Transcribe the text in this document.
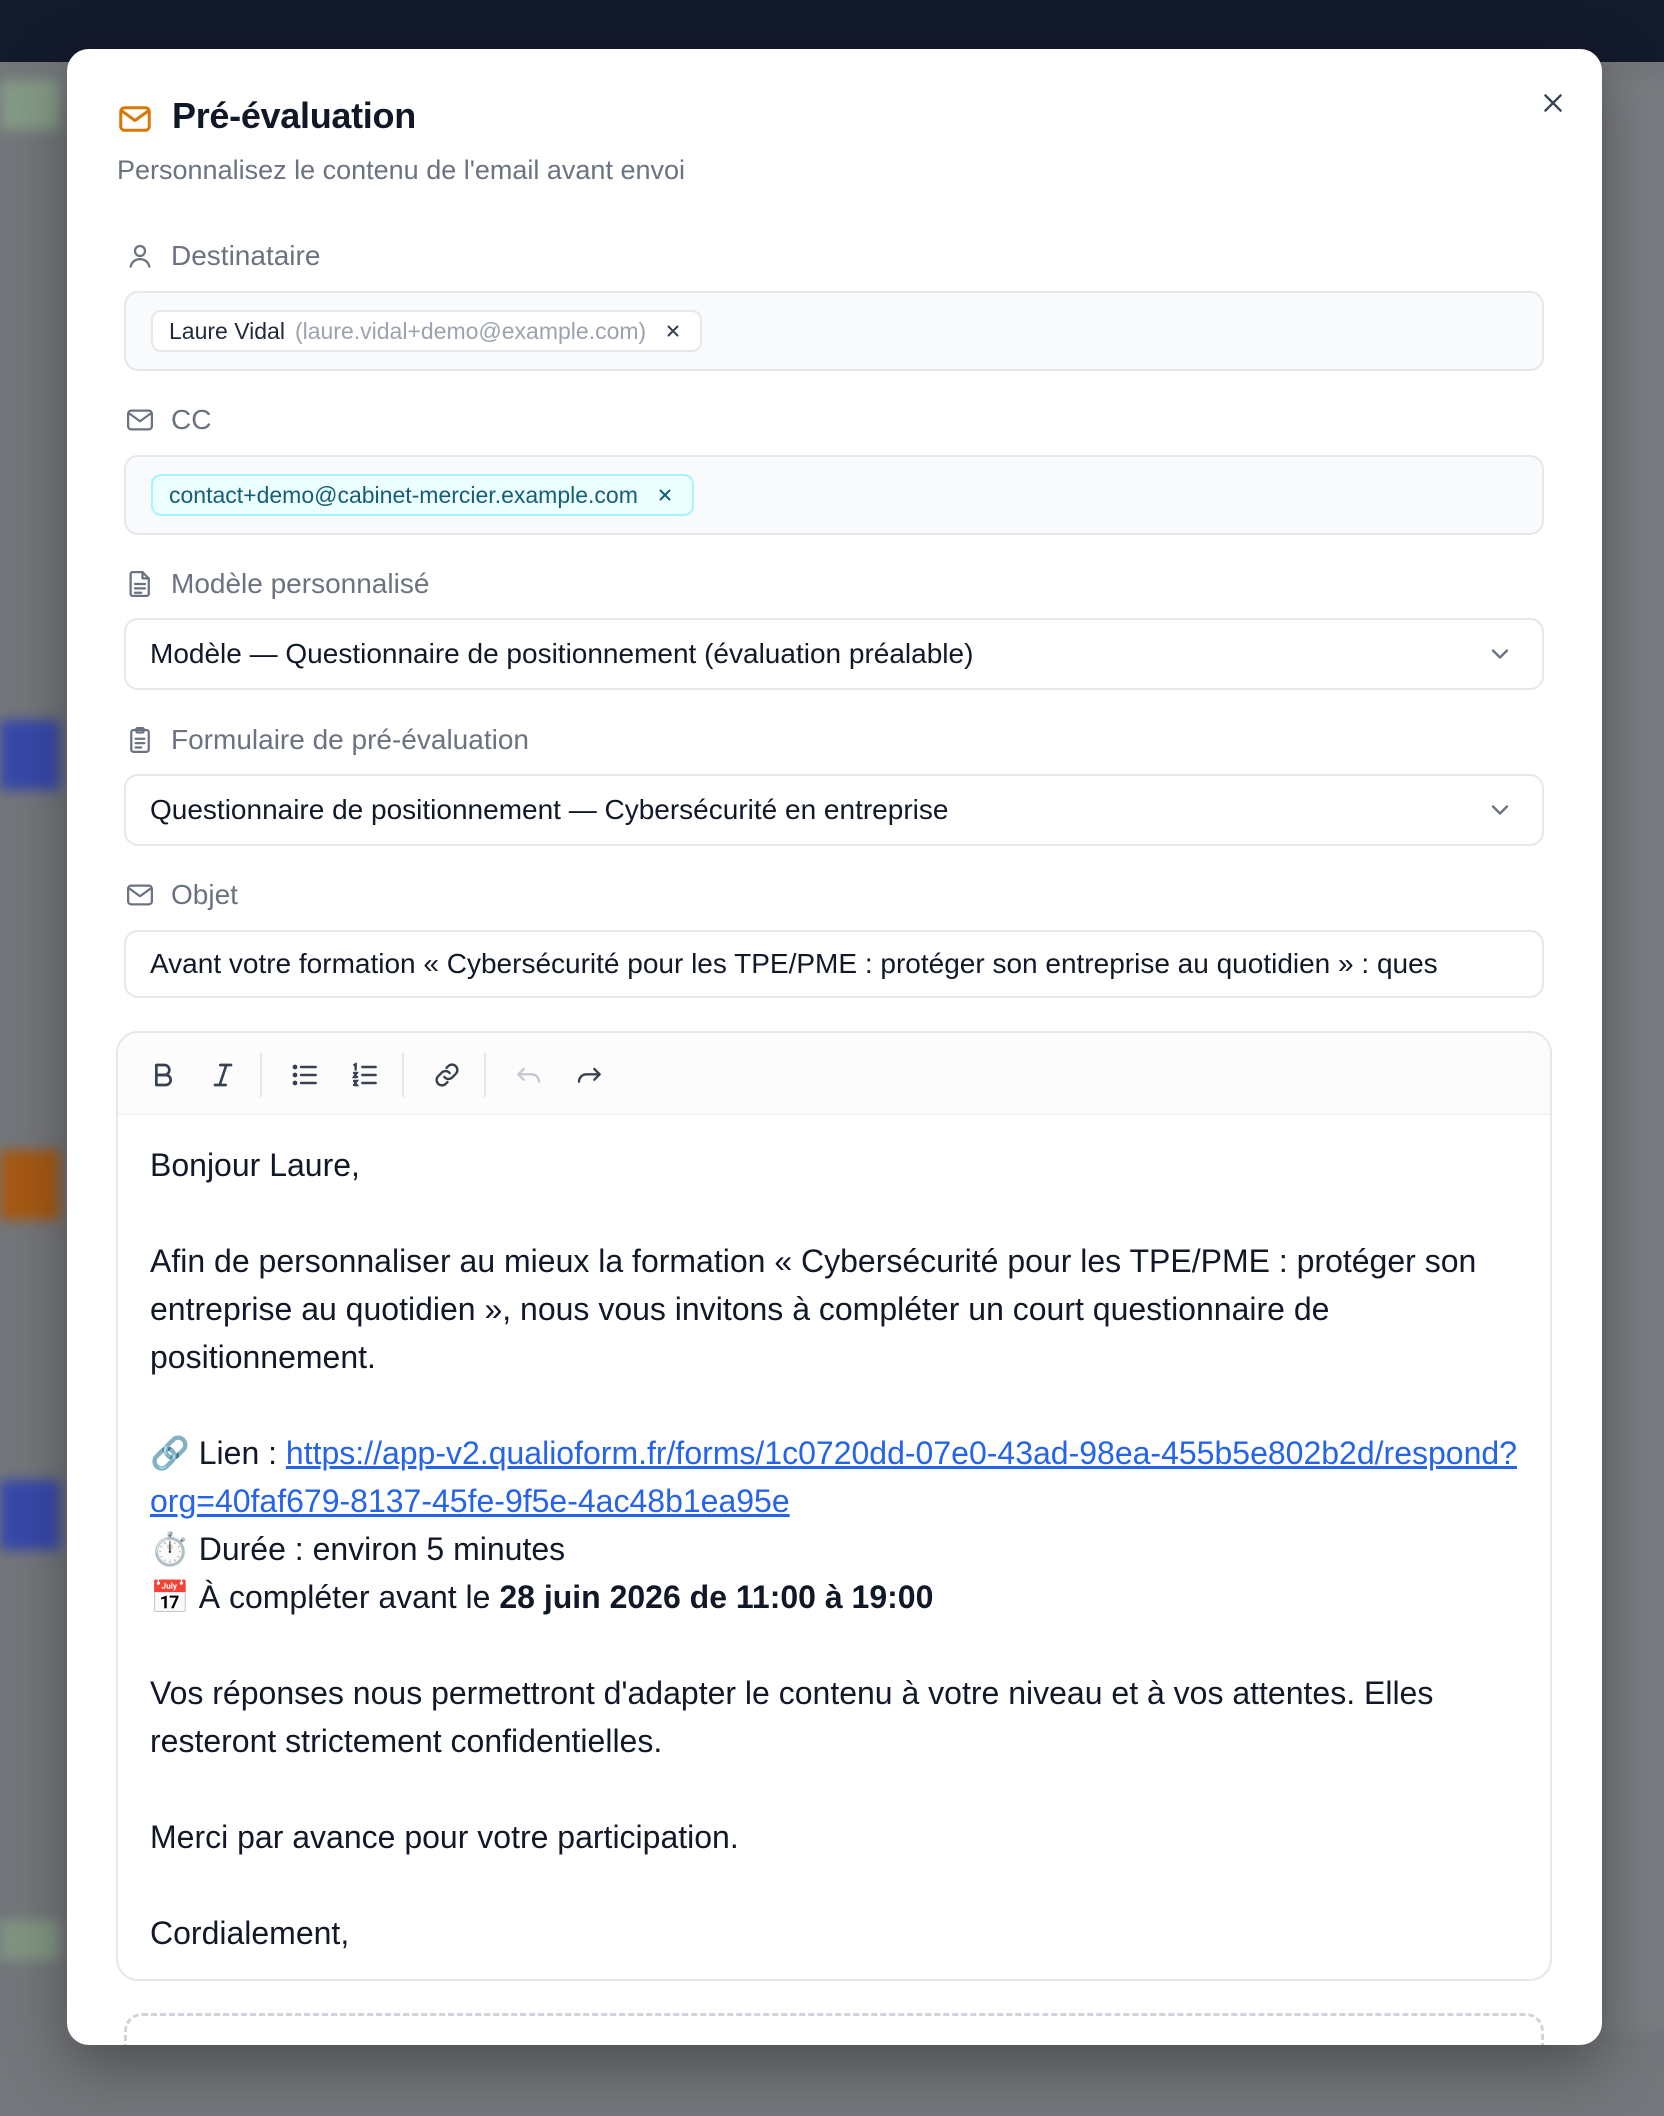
Pré-évaluation
Personnalisez le contenu de l'email avant envoi
Destinataire
Laure Vidal (laure.vidal+demo@example.com)
CC
contact+demo@cabinet-mercier.example.com
Modèle personnalisé
Modèle — Questionnaire de positionnement (évaluation préalable)
Formulaire de pré-évaluation
Questionnaire de positionnement — Cybersécurité en entreprise
Objet
Avant votre formation « Cybersécurité pour les TPE/PME : protéger son entreprise au quotidien » : ques

Bonjour Laure,

Afin de personnaliser au mieux la formation « Cybersécurité pour les TPE/PME : protéger son entreprise au quotidien », nous vous invitons à compléter un court questionnaire de positionnement.

🔗 Lien : https://app-v2.qualioform.fr/forms/1c0720dd-07e0-43ad-98ea-455b5e802b2d/respond?org=40faf679-8137-45fe-9f5e-4ac48b1ea95e

⏱️ Durée : environ 5 minutes

📅 À compléter avant le 28 juin 2026 de 11:00 à 19:00

Vos réponses nous permettront d'adapter le contenu à votre niveau et à vos attentes. Elles resteront strictement confidentielles.

Merci par avance pour votre participation.

Cordialement,
